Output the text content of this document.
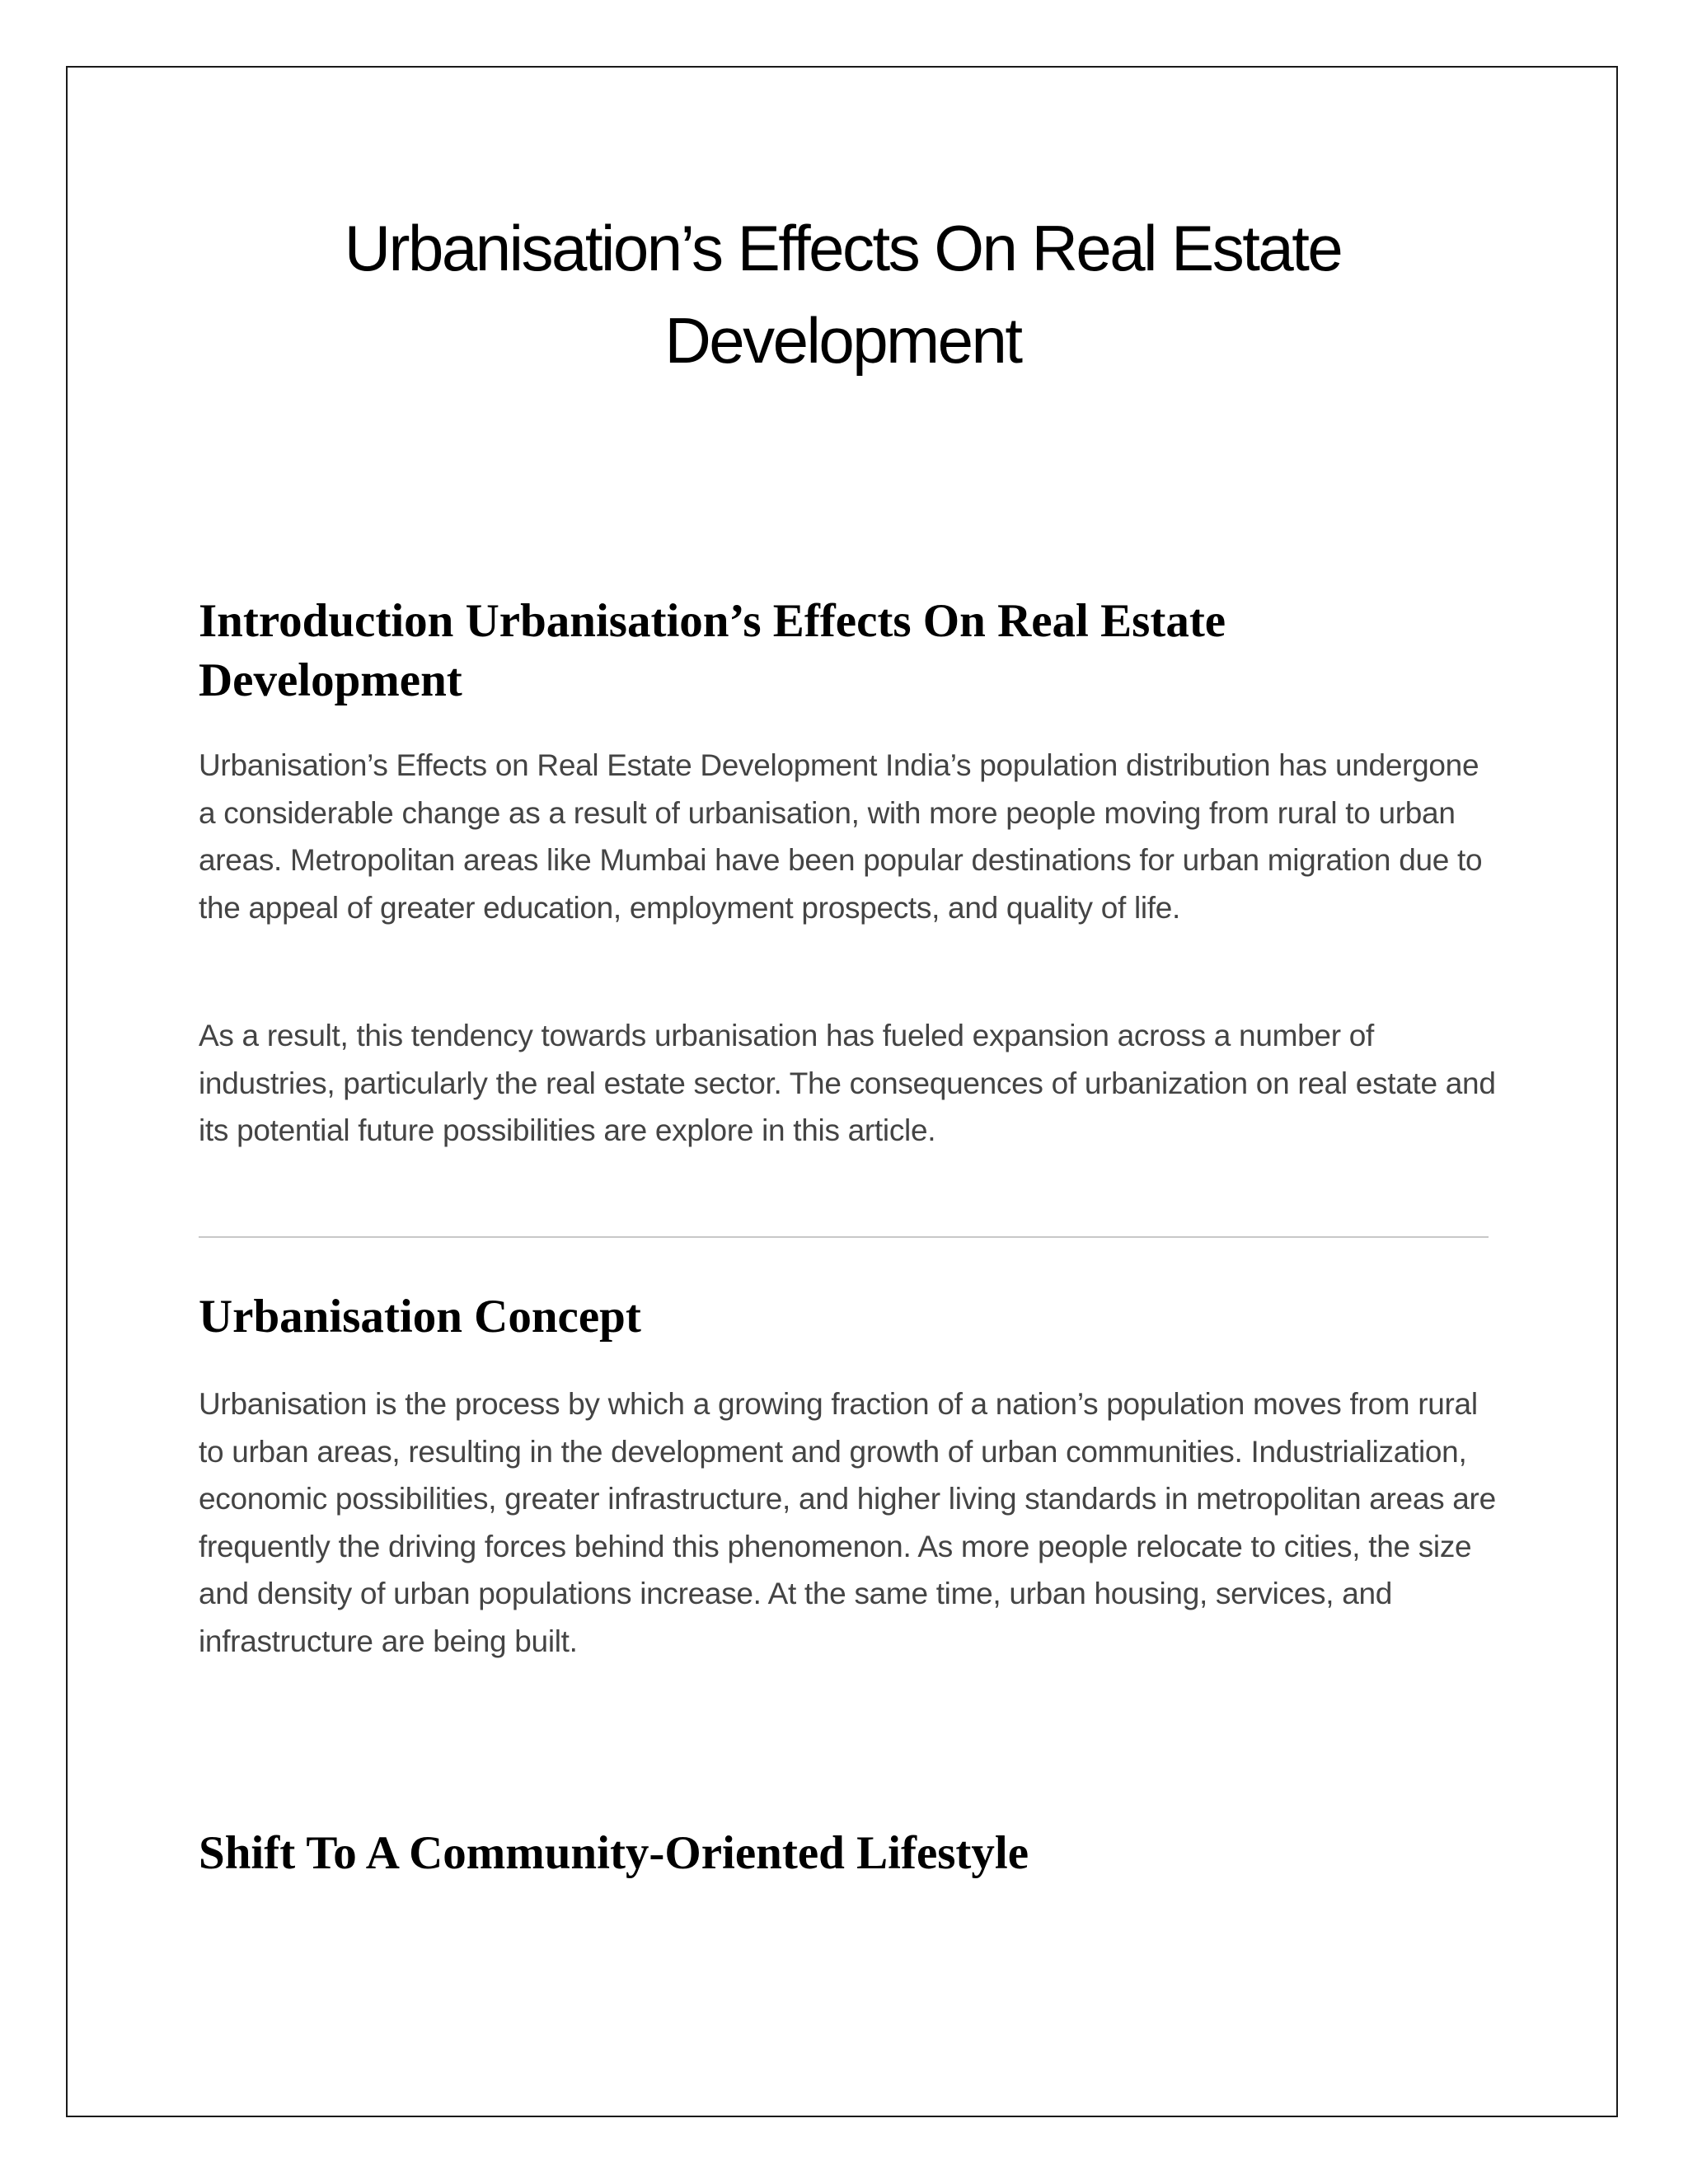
Urbanisation’s Effects On Real Estate Development
Introduction Urbanisation’s Effects On Real Estate Development

Urbanisation’s Effects on Real Estate Development India’s population distribution has undergone a considerable change as a result of urbanisation, with more people moving from rural to urban areas. Metropolitan areas like Mumbai have been popular destinations for urban migration due to the appeal of greater education, employment prospects, and quality of life.

As a result, this tendency towards urbanisation has fueled expansion across a number of industries, particularly the real estate sector. The consequences of urbanization on real estate and its potential future possibilities are explore in this article.

Urbanisation Concept

Urbanisation is the process by which a growing fraction of a nation’s population moves from rural to urban areas, resulting in the development and growth of urban communities. Industrialization, economic possibilities, greater infrastructure, and higher living standards in metropolitan areas are frequently the driving forces behind this phenomenon. As more people relocate to cities, the size and density of urban populations increase. At the same time, urban housing, services, and infrastructure are being built.

Shift To A Community-Oriented Lifestyle
